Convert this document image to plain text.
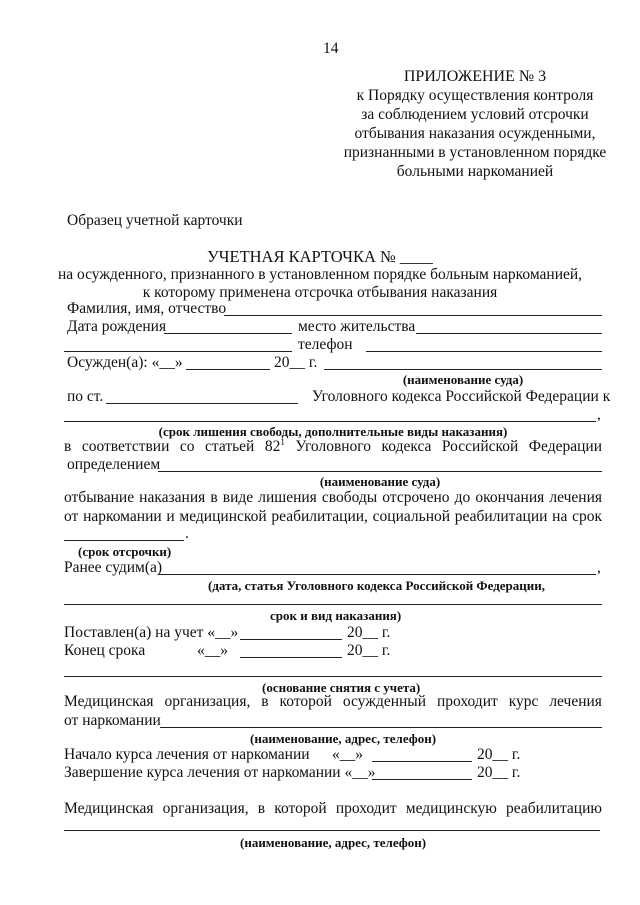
14
ПРИЛОЖЕНИЕ № 3
к Порядку осуществления контроля
за соблюдением условий отсрочки
отбывания наказания осужденными,
признанными в установленном порядке
больными наркоманией
Образец учетной карточки
УЧЕТНАЯ КАРТОЧКА № ____
на осужденного, признанного в установленном порядке больным наркоманией,
к которому применена отсрочка отбывания наказания
Фамилия, имя, отчество
Дата рождения	место жительства
телефон
Осужден(а): «__»	20__ г.
(наименование суда)
по ст.	Уголовного кодекса Российской Федерации к
,
(срок лишения свободы, дополнительные виды наказания)
в соответствии со статьей $82^1$ Уголовного кодекса Российской Федерации
определением
(наименование суда)
отбывание наказания в виде лишения свободы отсрочено до окончания лечения
от наркомании и медицинской реабилитации, социальной реабилитации на срок
.
(срок отсрочки)
Ранее судим(а)	,
(дата, статья Уголовного кодекса Российской Федерации,
срок и вид наказания)
Поставлен(а) на учет «__»	20__ г.
Конец срока	«__»	20__ г.
(основание снятия с учета)
Медицинская организация, в которой осужденный проходит курс лечения
от наркомании
(наименование, адрес, телефон)
Начало курса лечения от наркомании «__»	20__ г.
Завершение курса лечения от наркомании «__»	20__ г.
Медицинская организация, в которой проходит медицинскую реабилитацию
(наименование, адрес, телефон)
